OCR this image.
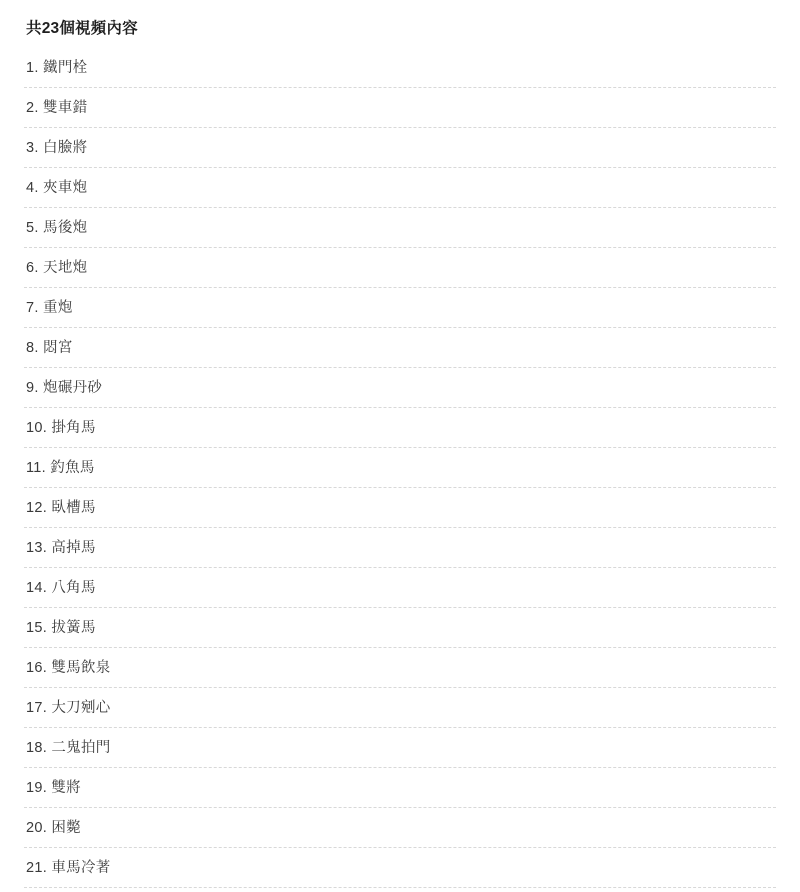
共23個視頻內容
1. 鐵門栓
2. 雙車錯
3. 白臉將
4. 夾車炮
5. 馬後炮
6. 天地炮
7. 重炮
8. 悶宮
9. 炮碾丹砂
10. 掛角馬
11. 釣魚馬
12. 臥槽馬
13. 高掉馬
14. 八角馬
15. 拔簧馬
16. 雙馬飲泉
17. 大刀剜心
18. 二鬼拍門
19. 雙將
20. 困斃
21. 車馬冷著
